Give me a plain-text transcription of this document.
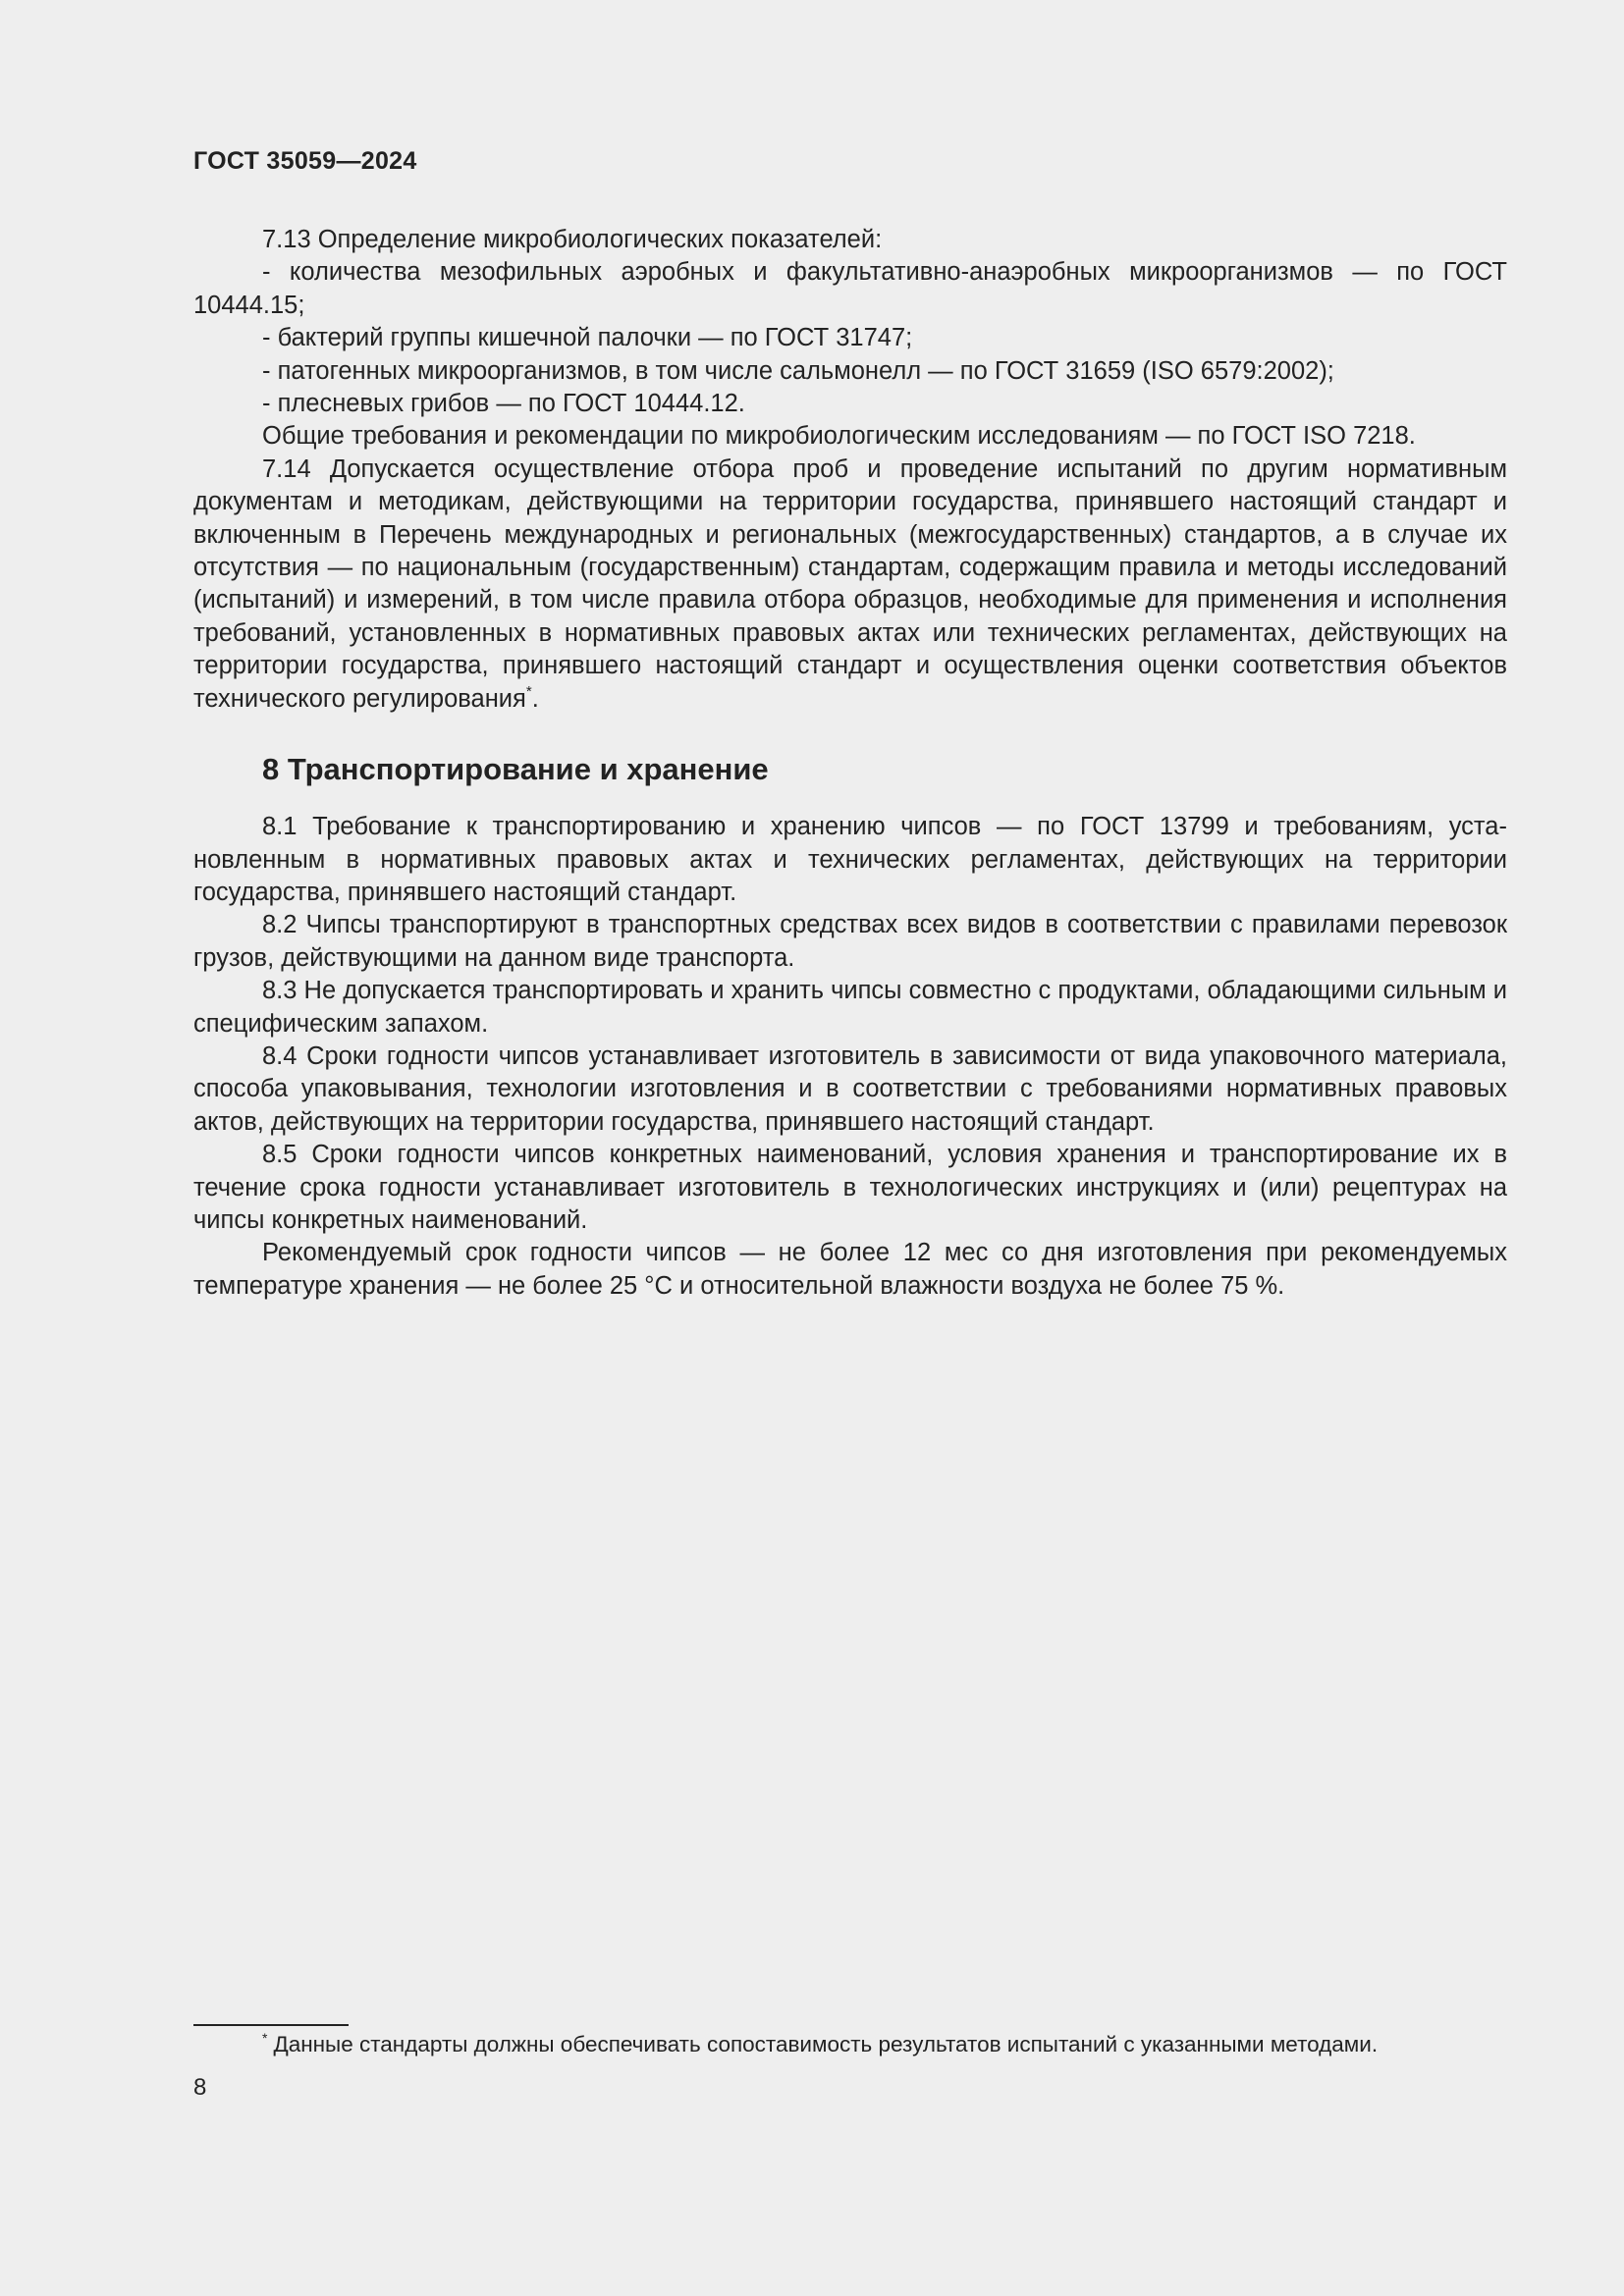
ГОСТ 35059—2024

7.13 Определение микробиологических показателей:

- количества мезофильных аэробных и факультативно-анаэробных микроорганизмов — по ГОСТ 10444.15;

- бактерий группы кишечной палочки — по ГОСТ 31747;

- патогенных микроорганизмов, в том числе сальмонелл — по ГОСТ 31659 (ISO 6579:2002);

- плесневых грибов — по ГОСТ 10444.12.

Общие требования и рекомендации по микробиологическим исследованиям — по ГОСТ ISO 7218.

7.14 Допускается осуществление отбора проб и проведение испытаний по другим нормативным документам и методикам, действующими на территории государства, принявшего настоящий стандарт и включенным в Перечень международных и региональных (межгосударственных) стандартов, а в случае их отсутствия — по национальным (государственным) стандартам, содержащим правила и методы исследований (испытаний) и измерений, в том числе правила отбора образцов, необходимые для применения и исполнения требований, установленных в нормативных правовых актах или технических регламентах, действующих на территории государства, принявшего настоящий стандарт и осуществления оценки соответствия объектов технического регулирования*.

8 Транспортирование и хранение

8.1 Требование к транспортированию и хранению чипсов — по ГОСТ 13799 и требованиям, установленным в нормативных правовых актах и технических регламентах, действующих на территории государства, принявшего настоящий стандарт.

8.2 Чипсы транспортируют в транспортных средствах всех видов в соответствии с правилами перевозок грузов, действующими на данном виде транспорта.

8.3 Не допускается транспортировать и хранить чипсы совместно с продуктами, обладающими сильным и специфическим запахом.

8.4 Сроки годности чипсов устанавливает изготовитель в зависимости от вида упаковочного материала, способа упаковывания, технологии изготовления и в соответствии с требованиями нормативных правовых актов, действующих на территории государства, принявшего настоящий стандарт.

8.5 Сроки годности чипсов конкретных наименований, условия хранения и транспортирование их в течение срока годности устанавливает изготовитель в технологических инструкциях и (или) рецептурах на чипсы конкретных наименований.

Рекомендуемый срок годности чипсов — не более 12 мес со дня изготовления при рекомендуемых температуре хранения — не более 25 °С и относительной влажности воздуха не более 75 %.

* Данные стандарты должны обеспечивать сопоставимость результатов испытаний с указанными методами.
8
